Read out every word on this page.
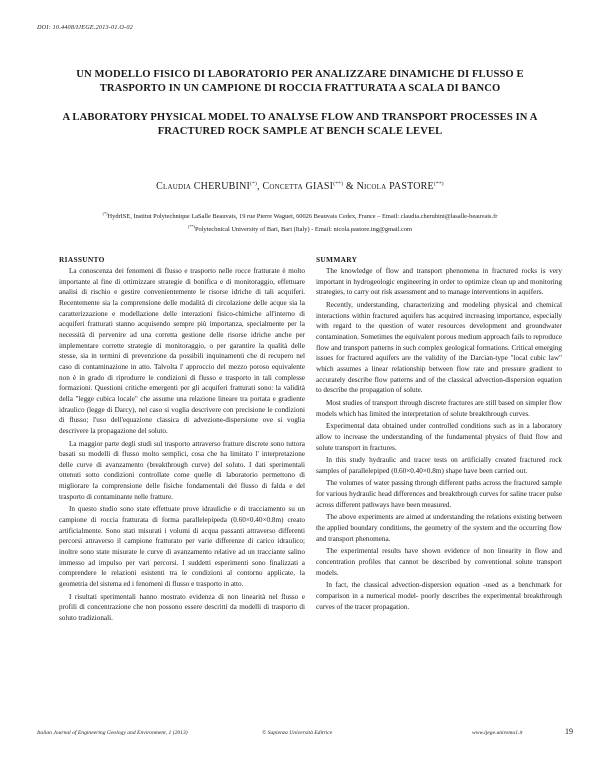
DOI: 10.4408/IJEGE.2013-01.O-02
UN MODELLO FISICO DI LABORATORIO PER ANALIZZARE DINAMICHE DI FLUSSO E TRASPORTO IN UN CAMPIONE DI ROCCIA FRATTURATA A SCALA DI BANCO
A LABORATORY PHYSICAL MODEL TO ANALYSE FLOW AND TRANSPORT PROCESSES IN A FRACTURED ROCK SAMPLE AT BENCH SCALE LEVEL
Claudia CHERUBINI(*), Concetta GIASI(**) & Nicola PASTORE(**)
(*)HydrISE, Institut Polytechnique LaSalle Beauvais, 19 rue Pierre Waguet, 60026 Beauvais Cedex, France – Email: claudia.cherubini@lasalle-beauvais.fr
(**)Polytechnical University of Bari, Bari (Italy) - Email: nicola.pastore.ing@gmail.com
RIASSUNTO

La conoscenza dei fenomeni di flusso e trasporto nelle rocce fratturate è molto importante al fine di ottimizzare strategie di bonifica e di monitoraggio, effettuare analisi di rischio e gestire convenientemente le risorse idriche di tali acquiferi. Recentemente sia la comprensione delle modalità di circolazione delle acque sia la caratterizzazione e modellazione delle interazioni fisico-chimiche all'interno di acquiferi fratturati stanno acquisendo sempre più importanza, specialmente per la necessità di pervenire ad una corretta gestione delle risorse idriche anche per implementare corrette strategie di monitoraggio, o per garantire la qualità delle stesse, sia in termini di prevenzione da possibili inquinamenti che di recupero nel caso di contaminazione in atto. Talvolta l' approccio del mezzo poroso equivalente non è in grado di riprodurre le condizioni di flusso e trasporto in tali complesse formazioni. Questioni critiche emergenti per gli acquiferi fratturati sono: la validità della "legge cubica locale" che assume una relazione lineare tra portata e gradiente idraulico (legge di Darcy), nel caso si voglia descrivere con precisione le condizioni di flusso; l'uso dell'equazione classica di advezione-dispersione ove si voglia descrivere la propagazione del soluto.

La maggior parte degli studi sul trasporto attraverso fratture discrete sono tuttora basati su modelli di flusso molto semplici, cosa che ha limitato l' interpretazione delle curve di avanzamento (breakthrough curve) del soluto. I dati sperimentali ottenuti sotto condizioni controllate come quelle di laboratorio permettono di migliorare la comprensione delle fisiche fondamentali del flusso di falda e del trasporto di contaminante nelle fratture.

In questo studio sono state effettuate prove idrauliche e di tracciamento su un campione di roccia fratturata di forma parallelepipeda (0.60×0.40×0.8m) creato artificialmente. Sono stati misurati i volumi di acqua passanti attraverso differenti percorsi attraverso il campione fratturato per varie differenze di carico idraulico; inoltre sono state misurate le curve di avanzamento relative ad un tracciante salino immesso ad impulso per vari percorsi. I suddetti esperimenti sono finalizzati a comprendere le relazioni esistenti tra le condizioni al contorno applicate, la geometria del sistema ed i fenomeni di flusso e trasporto in atto.

I risultati sperimentali hanno mostrato evidenza di non linearità nel flusso e profili di concentrazione che non possono essere descritti da modelli di trasporto di soluto tradizionali.

SUMMARY

The knowledge of flow and transport phenomena in fractured rocks is very important in hydrogeologic engineering in order to optimize clean up and monitoring strategies, to carry out risk assessment and to manage interventions in aquifers.

Recently, understanding, characterizing and modeling physical and chemical interactions within fractured aquifers has acquired increasing importance, especially with regard to the question of water resources development and groundwater contamination. Sometimes the equivalent porous medium approach fails to reproduce flow and transport patterns in such complex geological formations. Critical emerging issues for fractured aquifers are the validity of the Darcian-type "local cubic law" which assumes a linear relationship between flow rate and pressure gradient to accurately describe flow patterns and of the classical advection-dispersion equation to describe the propagation of solute.

Most studies of transport through discrete fractures are still based on simpler flow models which has limited the interpretation of solute breakthrough curves.

Experimental data obtained under controlled conditions such as in a laboratory allow to increase the understanding of the fundamental physics of fluid flow and solute transport in fractures.

In this study hydraulic and tracer tests on artificially created fractured rock samples of parallelepiped (0.60×0.40×0.8m) shape have been carried out.

The volumes of water passing through different paths across the fractured sample for various hydraulic head differences and breakthrough curves for saline tracer pulse across different pathways have been measured.

The above experiments are aimed at understanding the relations existing between the applied boundary conditions, the geometry of the system and the occurring flow and transport phenomena.

The experimental results have shown evidence of non linearity in flow and concentration profiles that cannot be described by conventional solute transport models.

In fact, the classical advection-dispersion equation -used as a benchmark for comparison in a numerical model- poorly describes the experimental breakthrough curves of the tracer propagation.

Italian Journal of Engineering Geology and Environment, 1 (2013)	© Sapienza Università Editrice	www.ijege.uniroma1.it	19
